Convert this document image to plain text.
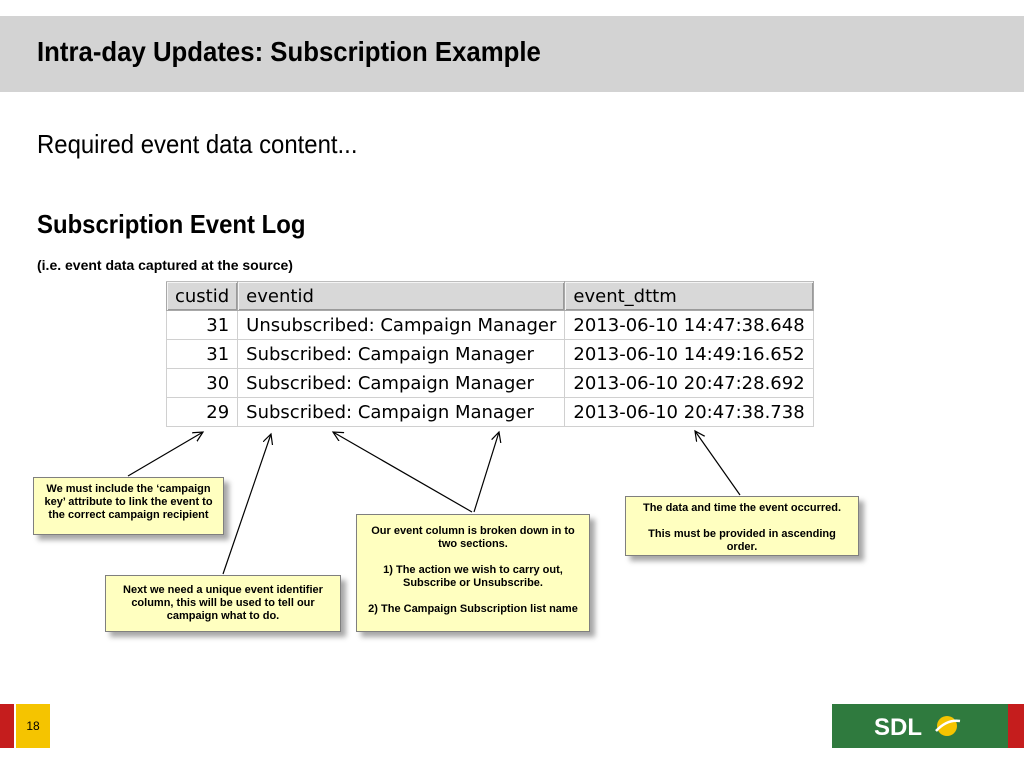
Intra-day Updates: Subscription Example
Required event data content...
Subscription Event Log
(i.e. event data captured at the source)
custid	eventid	event_dttm
31	Unsubscribed: Campaign Manager	2013-06-10 14:47:38.648
31	Subscribed: Campaign Manager	2013-06-10 14:49:16.652
30	Subscribed: Campaign Manager	2013-06-10 20:47:28.692
29	Subscribed: Campaign Manager	2013-06-10 20:47:38.738

We must include the ‘campaign key’ attribute to link the event to the correct campaign recipient

Next we need a unique event identifier column, this will be used to tell our campaign what to do.

Our event column is broken down in to two sections.

1) The action we wish to carry out, Subscribe or Unsubscribe.

2) The Campaign Subscription list name

The data and time the event occurred.

This must be provided in ascending order.

18	SDL
